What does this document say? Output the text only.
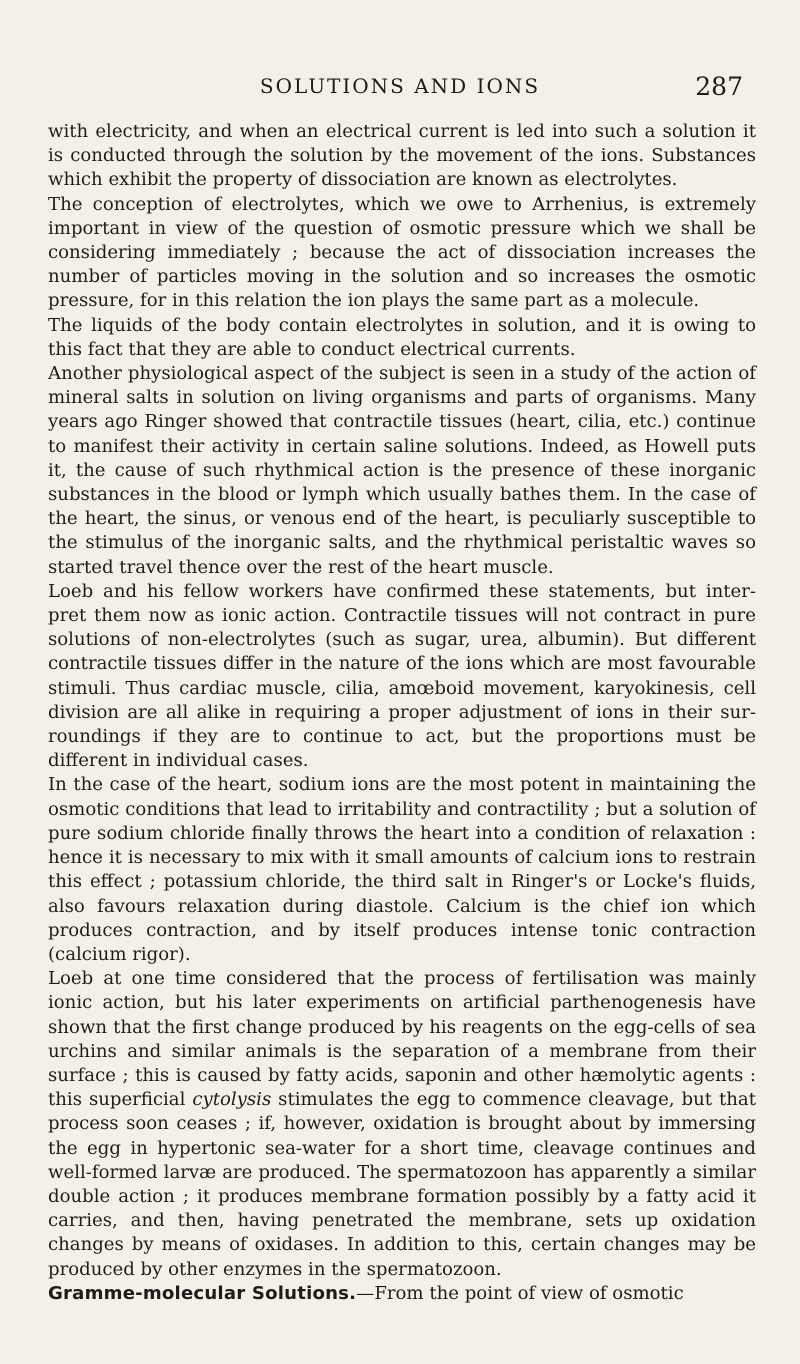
SOLUTIONS AND IONS	287

with electricity, and when an electrical current is led into such a solution it is conducted through the solution by the movement of the ions. Substances which exhibit the property of dissociation are known as electrolytes.

The conception of electrolytes, which we owe to Arrhenius, is extremely important in view of the question of osmotic pressure which we shall be considering immediately ; because the act of dissociation increases the number of particles moving in the solution and so increases the osmotic pressure, for in this relation the ion plays the same part as a molecule.

The liquids of the body contain electrolytes in solution, and it is owing to this fact that they are able to conduct electrical currents.

Another physiological aspect of the subject is seen in a study of the action of mineral salts in solution on living organisms and parts of organisms. Many years ago Ringer showed that contractile tissues (heart, cilia, etc.) continue to manifest their activity in certain saline solutions. Indeed, as Howell puts it, the cause of such rhythmical action is the presence of these inorganic substances in the blood or lymph which usually bathes them. In the case of the heart, the sinus, or venous end of the heart, is peculiarly susceptible to the stimulus of the inorganic salts, and the rhythmical peristaltic waves so started travel thence over the rest of the heart muscle.

Loeb and his fellow workers have confirmed these statements, but inter- pret them now as ionic action. Contractile tissues will not contract in pure solutions of non-electrolytes (such as sugar, urea, albumin). But different contractile tissues differ in the nature of the ions which are most favourable stimuli. Thus cardiac muscle, cilia, amœboid movement, karyokinesis, cell division are all alike in requiring a proper adjustment of ions in their sur- roundings if they are to continue to act, but the proportions must be different in individual cases.

In the case of the heart, sodium ions are the most potent in maintaining the osmotic conditions that lead to irritability and contractility ; but a solution of pure sodium chloride finally throws the heart into a condition of relaxation : hence it is necessary to mix with it small amounts of calcium ions to restrain this effect ; potassium chloride, the third salt in Ringer's or Locke's fluids, also favours relaxation during diastole. Calcium is the chief ion which produces contraction, and by itself produces intense tonic contraction (calcium rigor).

Loeb at one time considered that the process of fertilisation was mainly ionic action, but his later experiments on artificial parthenogenesis have shown that the first change produced by his reagents on the egg-cells of sea urchins and similar animals is the separation of a membrane from their surface ; this is caused by fatty acids, saponin and other hæmolytic agents : this superficial cytolysis stimulates the egg to commence cleavage, but that process soon ceases ; if, however, oxidation is brought about by immersing the egg in hypertonic sea-water for a short time, cleavage continues and well-formed larvæ are produced. The spermatozoon has apparently a similar double action ; it produces membrane formation possibly by a fatty acid it carries, and then, having penetrated the membrane, sets up oxidation changes by means of oxidases. In addition to this, certain changes may be produced by other enzymes in the spermatozoon.

Gramme-molecular Solutions.—From the point of view of osmotic
